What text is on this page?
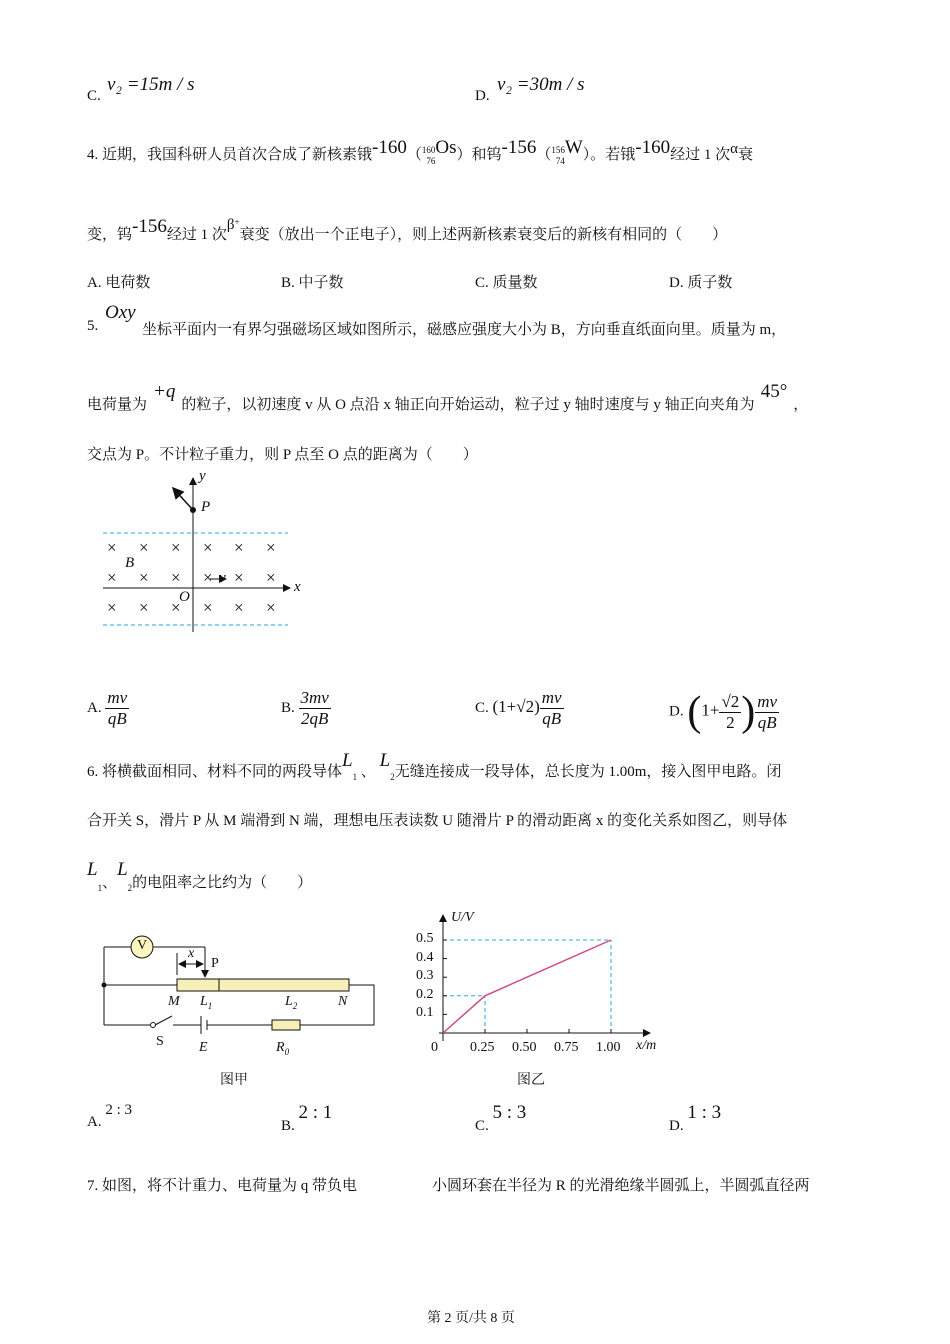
C.
v₂ =15m / s
D.
v₂ =30m / s
4. 近期，我国科研人员首次合成了新核素锇-160（160
76Os）和钨-156（156
74W）。若锇-160经过 1 次α衰
变，钨-156经过 1 次β+衰变（放出一个正电子），则上述两新核素衰变后的新核有相同的（　　）
A. 电荷数	B. 中子数	C. 质量数	D. 质子数
5.
Oxy
坐标平面内一有界匀强磁场区域如图所示，磁感应强度大小为 B，方向垂直纸面向里。质量为 m，
电荷量为+q的粒子，以初速度 v 从 O 点沿 x 轴正向开始运动，粒子过 y 轴时速度与 y 轴正向夹角为45°，
交点为 P。不计粒子重力，则 P 点至 O 点的距离为（　　）
y
P
B
O
v
x
× × × × × ×
× × × × × ×
× × × × × ×
A. $\frac{mv}{qB}$	B. $\frac{3mv}{2qB}$	C. $(1+√2) \frac{mv}{qB}$	D. ($1+ \frac{√2}{2}$ ) $\frac{mv}{qB}$
6. 将横截面相同、材料不同的两段导体$L_1$ 、 $L_2$无缝连接成一段导体，总长度为 1.00m，接入图甲电路。闭
合开关 S，滑片 P 从 M 端滑到 N 端，理想电压表读数 U 随滑片 P 的滑动距离 x 的变化关系如图乙，则导体
$L_1$、$L_2$的电阻率之比约为（　　）
V
x
P
M $L_1$	$L_2$	N
S	E	$R_0$
图甲
0.25 0.50 0.75 1.00
0.1
0.2
0.3
0.4
0.5
0
U/V
x/m
图乙
A. 2 : 3
B. 2 : 1
C. 5 : 3
D. 1 : 3
7. 如图，将不计重力、电荷量为 q 带负电	小圆环套在半径为 R 的光滑绝缘半圆弧上，半圆弧直径两
第 2 页/共 8 页
